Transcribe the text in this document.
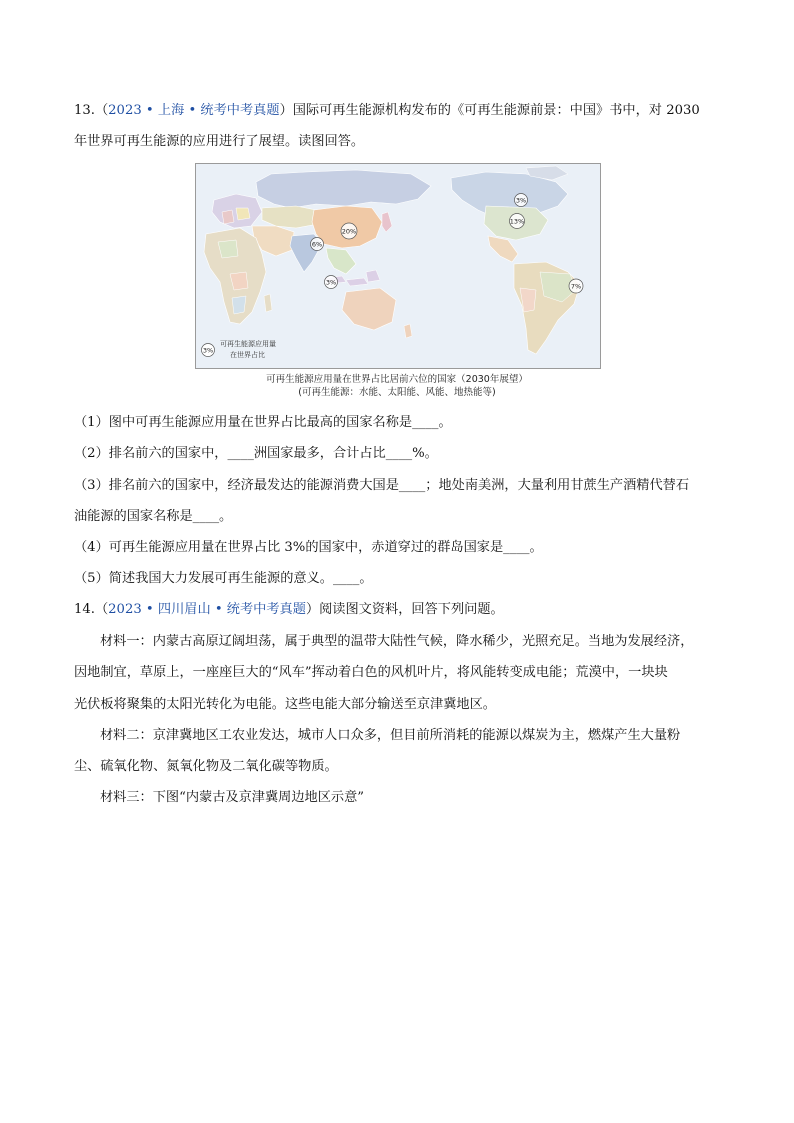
13.（2023 • 上海 • 统考中考真题）国际可再生能源机构发布的《可再生能源前景：中国》书中，对 2030
年世界可再生能源的应用进行了展望。读图回答。
20%
6%
3%
3%
13%
7%
3%
可再生能源应用量
在世界占比
可再生能源应用量在世界占比居前六位的国家（2030年展望）
(可再生能源：水能、太阳能、风能、地热能等)
（1）图中可再生能源应用量在世界占比最高的国家名称是____。
（2）排名前六的国家中，____洲国家最多，合计占比____%。
（3）排名前六的国家中，经济最发达的能源消费大国是____；地处南美洲，大量利用甘蔗生产酒精代替石
油能源的国家名称是____。
（4）可再生能源应用量在世界占比 3%的国家中，赤道穿过的群岛国家是____。
（5）简述我国大力发展可再生能源的意义。____。
14.（2023 • 四川眉山 • 统考中考真题）阅读图文资料，回答下列问题。
材料一：内蒙古高原辽阔坦荡，属于典型的温带大陆性气候，降水稀少，光照充足。当地为发展经济，
因地制宜，草原上，一座座巨大的“风车”挥动着白色的风机叶片，将风能转变成电能；荒漠中，一块块
光伏板将聚集的太阳光转化为电能。这些电能大部分输送至京津冀地区。
材料二：京津冀地区工农业发达，城市人口众多，但目前所消耗的能源以煤炭为主，燃煤产生大量粉
尘、硫氧化物、氮氧化物及二氧化碳等物质。
材料三：下图“内蒙古及京津冀周边地区示意”
